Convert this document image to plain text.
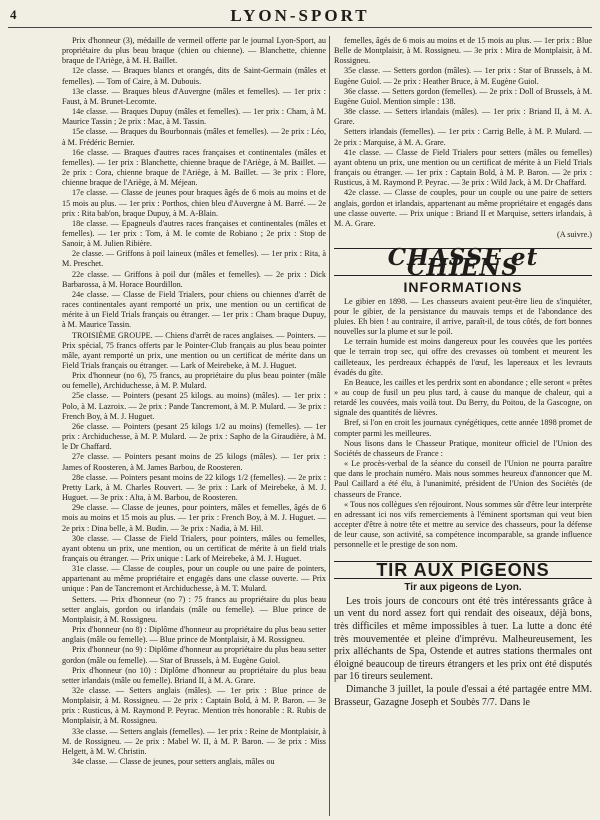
4	LYON-SPORT

Prix d'honneur (3), médaille de vermeil offerte par le journal Lyon-Sport, au propriétaire du plus beau braque (chien ou chienne). — Blanchette, chienne braque de l'Ariège, à M. H. Baillet.

12e classe. — Braques blancs et orangés, dits de Saint-Germain (mâles et femelles). — Tom of Caire, à M. Dubouis.

13e classe. — Braques bleus d'Auvergne (mâles et femelles). — 1er prix : Faust, à M. Brunet-Lecomte.

14e classe. — Braques Dupuy (mâles et femelles). — 1er prix : Cham, à M. Maurice Tassin ; 2e prix : Mac, à M. Tassin.

15e classe. — Braques du Bourbonnais (mâles et femelles). — 2e prix : Léo, à M. Frédéric Bernier.

16e classe. — Braques d'autres races françaises et continentales (mâles et femelles). — 1er prix : Blanchette, chienne braque de l'Ariège, à M. Baillet. — 2e prix : Cora, chienne braque de l'Ariège, à M. Baillet. — 3e prix : Flore, chienne braque de l'Ariège, à M. Méjean.

17e classe. — Classe de jeunes pour braques âgés de 6 mois au moins et de 15 mois au plus. — 1er prix : Porthos, chien bleu d'Auvergne à M. Barré. — 2e prix : Rita bab'on, braque Dupuy, à M. A-Blain.

18e classe. — Epagneuls d'autres races françaises et continentales (mâles et femelles). — 1er prix : Tom, à M. le comte de Robiano ; 2e prix : Stop de Sanoir, à M. Julien Ribière.

2e classe. — Griffons à poil laineux (mâles et femelles). — 1er prix : Rita, à M. Preschet.

22e classe. — Griffons à poil dur (mâles et femelles). — 2e prix : Dick Barbarossa, à M. Horace Bourdillon.

24e classe. — Classe de Field Trialers, pour chiens ou chiennes d'arrêt de races continentales ayant remporté un prix, une mention ou un certificat de mérite à un Field Trials français ou étranger. — 1er prix : Cham braque Dupuy, à M. Maurice Tassin.

TROISIÈME GROUPE. — Chiens d'arrêt de races anglaises. — Pointers. — Prix spécial, 75 francs offerts par le Pointer-Club français au plus beau pointer mâle, ayant remporté un prix, une mention ou un certificat de mérite dans un Field Trials français ou étranger. — Lark of Meirebeke, à M. J. Huguet.

Prix d'honneur (no 6), 75 francs, au propriétaire du plus beau pointer (mâle ou femelle), Archiduchesse, à M. P. Mulard.

25e classe. — Pointers (pesant 25 kilogs. au moins) (mâles). — 1er prix : Polo, à M. Lazroix. — 2e prix : Pande Tancremont, à M. P. Mulard. — 3e prix : French Boy, à M. J. Huguet.

26e classe. — Pointers (pesant 25 kilogs 1/2 au moins) (femelles). — 1er prix : Archiduchesse, à M. P. Mulard. — 2e prix : Sapho de la Giraudière, à M. le Dr Chaffard.

27e classe. — Pointers pesant moins de 25 kilogs (mâles). — 1er prix : James of Roosteren, à M. James Barbou, de Roosteren.

28e classe. — Pointers pesant moins de 22 kilogs 1/2 (femelles). — 2e prix : Pretty Lark, à M. Charles Rouvert. — 3e prix : Lark of Meirebeke, à M. J. Huguet. — 3e prix : Alta, à M. Barbou, de Roosteren.

29e classe. — Classe de jeunes, pour pointers, mâles et femelles, âgés de 6 mois au moins et 15 mois au plus. — 1er prix : French Boy, à M. J. Huguet. — 2e prix : Dina belle, à M. Budin. — 3e prix : Nadia, à M. Hil.

30e classe. — Classe de Field Trialers, pour pointers, mâles ou femelles, ayant obtenu un prix, une mention, ou un certificat de mérite à un field trials français ou étranger. — Prix unique : Lark of Meirebeke, à M. J. Huguet.

31e classe. — Classe de couples, pour un couple ou une paire de pointers, appartenant au même propriétaire et engagés dans une classe ouverte. — Prix unique : Pan de Tancremont et Archiduchesse, à M. T. Mulard.

Setters. — Prix d'honneur (no 7) : 75 francs au propriétaire du plus beau setter anglais, gordon ou irlandais (mâle ou femelle). — Blue prince de Montplaisir, à M. Rossigneu.

Prix d'honneur (no 8) : Diplôme d'honneur au propriétaire du plus beau setter anglais (mâle ou femelle). — Blue prince de Montplaisir, à M. Rossigneu.

Prix d'honneur (no 9) : Diplôme d'honneur au propriétaire du plus beau setter gordon (mâle ou femelle). — Star of Brussels, à M. Eugène Guiol.

Prix d'honneur (no 10) : Diplôme d'honneur au propriétaire du plus beau setter irlandais (mâle ou femelle). Briand II, à M. A. Grare.

32e classe. — Setters anglais (mâles). — 1er prix : Blue prince de Montplaisir, à M. Rossigneu. — 2e prix : Captain Bold, à M. P. Baron. — 3e prix : Rusticus, à M. Raymond P. Peyrac. Mention très honorable : R. Rubis de Montplaisir, à M. Rossigneu.

33e classe. — Setters anglais (femelles). — 1er prix : Reine de Montplaisir, à M. de Rossigneu. — 2e prix : Mabel W. II, à M. P. Baron. — 3e prix : Miss Helgett, à M. W. Christin.

34e classe. — Classe de jeunes, pour setters anglais, mâles ou

femelles, âgés de 6 mois au moins et de 15 mois au plus. — 1er prix : Blue Belle de Montplaisir, à M. Rossigneu. — 3e prix : Mira de Montplaisir, à M. Rossigneu.

35e classe. — Setters gordon (mâles). — 1er prix : Star of Brussels, à M. Eugène Guiol. — 2e prix : Heather Bruce, à M. Eugène Guiol.

36e classe. — Setters gordon (femelles). — 2e prix : Doll of Brussels, à M. Eugène Guiol. Mention simple : 138.

38e classe. — Setters irlandais (mâles). — 1er prix : Briand II, à M. A. Grare.

Setters irlandais (femelles). — 1er prix : Carrig Belle, à M. P. Mulard. — 2e prix : Marquise, à M. A. Grare.

41e classe. — Classe de Field Trialers pour setters (mâles ou femelles) ayant obtenu un prix, une mention ou un certificat de mérite à un Field Trials français ou étranger. — 1er prix : Captain Bold, à M. P. Baron. — 2e prix : Rusticus, à M. Raymond P. Peyrac. — 3e prix : Wild Jack, à M. Dr Chaffard.

42e classe. — Classe de couples, pour un couple ou une paire de setters anglais, gordon et irlandais, appartenant au même propriétaire et engagés dans une classe ouverte. — Prix unique : Briand II et Marquise, setters irlandais, à M. A. Grare.

(A suivre.)

CHASSE et CHIENS
INFORMATIONS

Le gibier en 1898. — Les chasseurs avaient peut-être lieu de s'inquiéter, pour le gibier, de la persistance du mauvais temps et de l'abondance des pluies. Eh bien ! au contraire, il arrive, paraît-il, de tous côtés, de fort bonnes nouvelles sur la plume et sur le poil.

Le terrain humide est moins dangereux pour les couvées que les portées que le terrain trop sec, qui offre des crevasses où tombent et meurent les cailleteaux, les perdreaux échappés de l'œuf, les lapereaux et les levrauts évadés du gîte.

En Beauce, les cailles et les perdrix sont en abondance ; elle seront « prêtes » au coup de fusil un peu plus tard, à cause du manque de chaleur, qui a retardé les couvées, mais voilà tout. Du Berry, du Poitou, de la Gascogne, on signale des quantités de lièvres.

Bref, si l'on en croit les journaux cynégétiques, cette année 1898 promet de compter parmi les meilleures.

Nous lisons dans le Chasseur Pratique, moniteur officiel de l'Union des Sociétés de chasseurs de France :

« Le procès-verbal de la séance du conseil de l'Union ne pourra paraître que dans le prochain numéro. Mais nous sommes heureux d'annoncer que M. Paul Caillard a été élu, à l'unanimité, président de l'Union des Sociétés (de chasseurs de France.

« Tous nos collègues s'en réjouiront. Nous sommes sûr d'être leur interprète en adressant ici nos vifs remerciements à l'éminent sportsman qui veut bien accepter d'être à notre tête et mettre au service des chasseurs, pour la défense de leur cause, son activité, sa compétence incomparable, sa grande influence personnelle et le prestige de son nom.

TIR AUX PIGEONS
Tir aux pigeons de Lyon.

Les trois jours de concours ont été très intéressants grâce à un vent du nord assez fort qui rendait des oiseaux, déjà bons, très difficiles et même impossibles à tuer. La lutte a donc été très mouvementée et pleine d'imprévu. Malheureusement, les prix alléchants de Spa, Ostende et autres stations thermales ont éloigné beaucoup de tireurs étrangers et les prix ont été disputés par 16 tireurs seulement.

Dimanche 3 juillet, la poule d'essai a été partagée entre MM. Brasseur, Gazagne Joseph et Soubès 7/7. Dans le
